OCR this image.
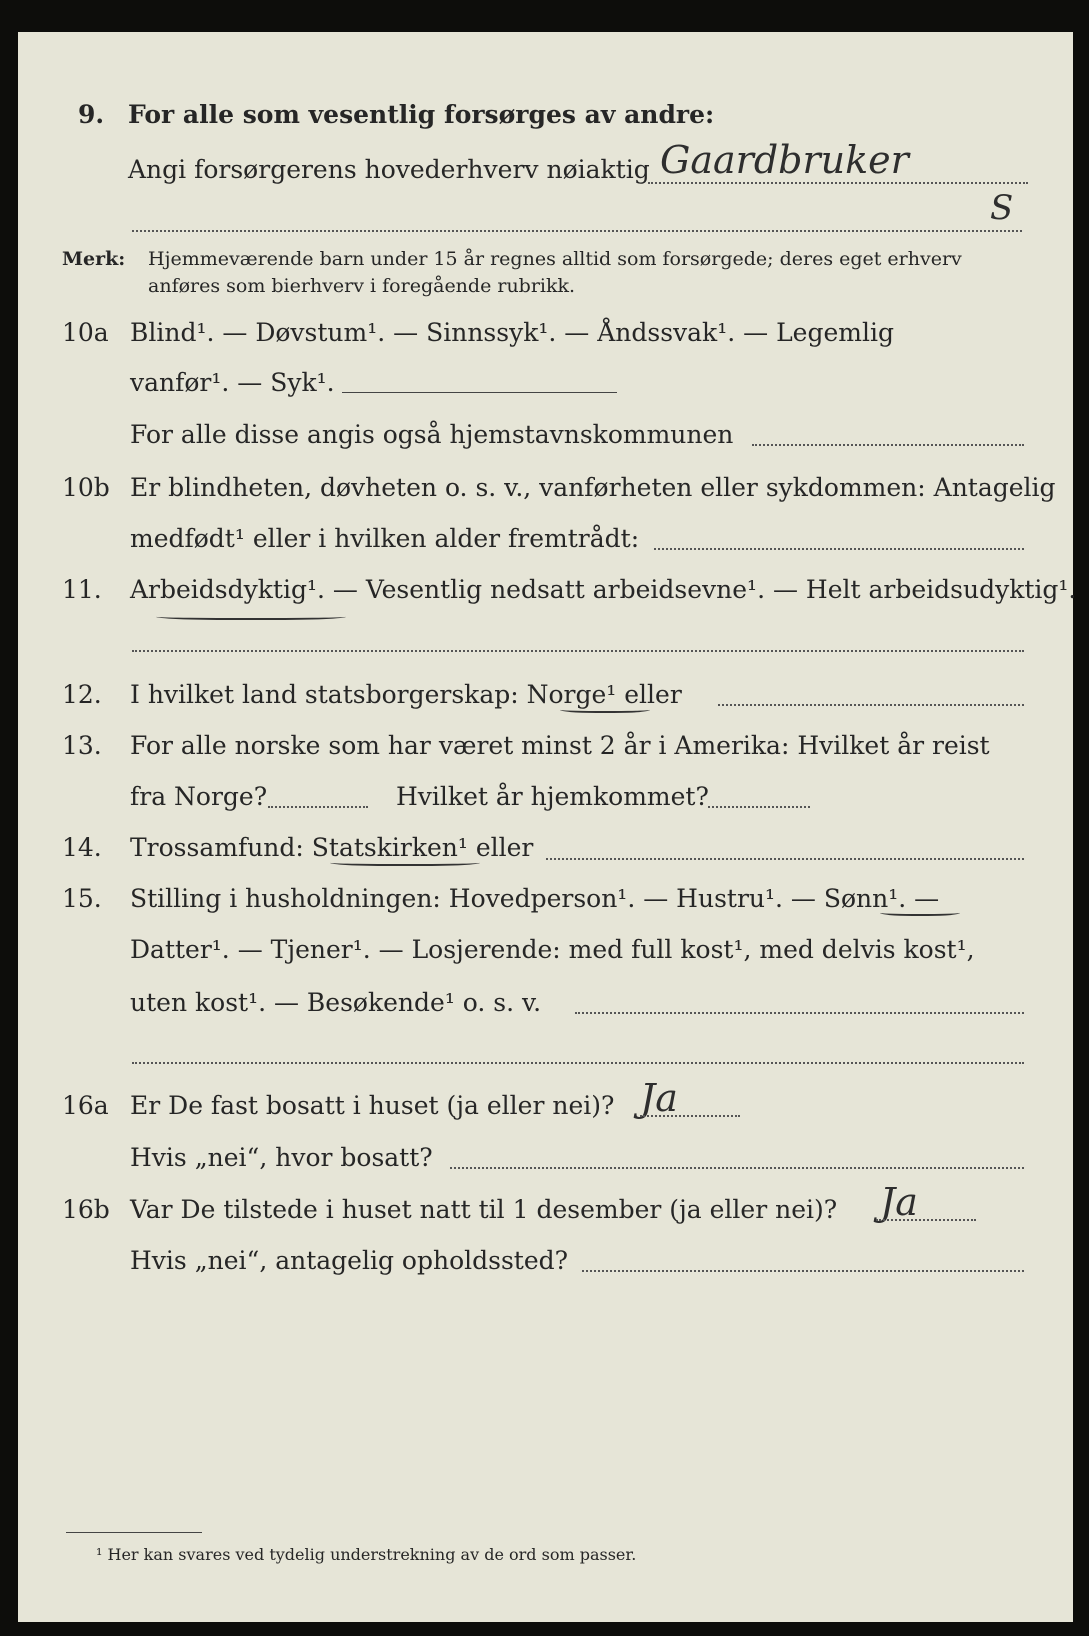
9. For alle som vesentlig forsørges av andre:
Angi forsørgerens hovederhverv nøiaktig Gaardbruker
S
Merk: Hjemmeværende barn under 15 år regnes alltid som forsørgede; deres eget erhverv
anføres som bierhverv i foregående rubrikk.
10a Blind¹. — Døvstum¹. — Sinnssyk¹. — Åndssvak¹. — Legemlig
vanfør¹. — Syk¹.
For alle disse angis også hjemstavnskommunen
10b Er blindheten, døvheten o. s. v., vanførheten eller sykdommen: Antagelig
medfødt¹ eller i hvilken alder fremtrådt:
11. Arbeidsdyktig¹. — Vesentlig nedsatt arbeidsevne¹. — Helt arbeidsudyktig¹.
12. I hvilket land statsborgerskap: Norge¹ eller
13. For alle norske som har været minst 2 år i Amerika: Hvilket år reist
fra Norge?	Hvilket år hjemkommet?
14. Trossamfund: Statskirken¹ eller
15. Stilling i husholdningen: Hovedperson¹. — Hustru¹. — Sønn¹. —
Datter¹. — Tjener¹. — Losjerende: med full kost¹, med delvis kost¹,
uten kost¹. — Besøkende¹ o. s. v.
16a Er De fast bosatt i huset (ja eller nei)? Ja
Hvis „nei“, hvor bosatt?
16b Var De tilstede i huset natt til 1 desember (ja eller nei)? Ja
Hvis „nei“, antagelig opholdssted?
¹ Her kan svares ved tydelig understrekning av de ord som passer.
